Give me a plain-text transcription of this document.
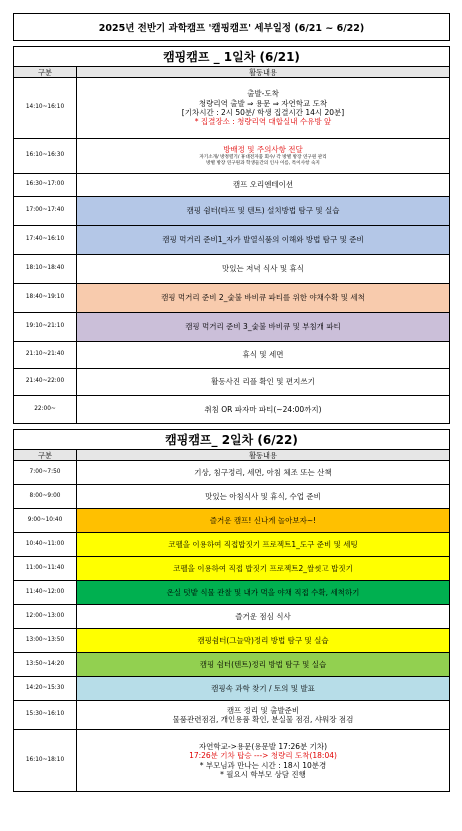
2025년 전반기 과학캠프 '캠핑캠프' 세부일정 (6/21 ~ 6/22)
캠핑캠프 _ 1일차 (6/21)
구분	활동내용
14:10~16:10	출발-도착
청량리역 출발 ⇒ 용문 ⇒ 자연학교 도착
[기차시간 : 2시 50분/ 학생 집결시간 14시 20분]
* 집결장소 : 청량리역 대합실내 수유방 앞

16:10~16:30	방배정 및 주의사항 전달
자기소개/ 방정렬기/ 휴대전자품 회수/ 각 방별 방장 연구원 관리
방별 방장 연구원과 학생들간의 인사 이름, 특이사항 숙지

16:30~17:00	캠프 오리엔테이션
17:00~17:40	캠핑 쉼터(타프 및 텐트) 설치방법 탐구 및 실습
17:40~16:10	캠핑 먹거리 준비1_자가 발열식품의 이해와 방법 탐구 및 준비
18:10~18:40	맛있는 저녁 식사 및 휴식
18:40~19:10	캠핑 먹거리 준비 2_숯불 바비큐 파티를 위한 야채수확 및 세척
19:10~21:10	캠핑 먹거리 준비 3_숯불 바비큐 및 부침개 파티
21:10~21:40	휴식 및 세면
21:40~22:00	활동사진 리플 확인 및 편지쓰기
22:00~	취침 OR 파자마 파티(~24:00까지)
캠핑캠프_ 2일차 (6/22)
구분	활동내용
7:00~7:50	기상, 침구정리, 세면, 아침 체조 또는 산책
8:00~9:00	맛있는 아침식사 및 휴식, 수업 준비
9:00~10:40	즐거운 캠프! 신나게 놀아보자~!
10:40~11:00	코펠을 이용하여 직접밥짓기 프로젝트1_도구 준비 및 세팅
11:00~11:40	코펠을 이용하여 직접 밥짓기 프로젝트2_쌀씻고 밥짓기
11:40~12:00	온실 텃밭 식물 관찰 및 내가 먹을 야채 직접 수확, 세척하기
12:00~13:00	즐거운 점심 식사
13:00~13:50	캠핑쉼터(그늘막)정리 방법 탐구 및 실습
13:50~14:20	캠핑 쉼터(텐트)정리 방법 탐구 및 실습
14:20~15:30	캠핑속 과학 찾기 / 토의 및 발표
15:30~16:10	캠프 정리 및 출발준비
물품관련점검, 개인용품 확인, 분실물 점검, 샤워장 점검

16:10~18:10	자연학교->용문(용문발 17:26분 기차)
17:26분 기차 탑승 ---> 청량리 도착(18:04)
* 부모님과 만나는 시간 : 18시 10분경
* 필요시 학부모 상담 진행
